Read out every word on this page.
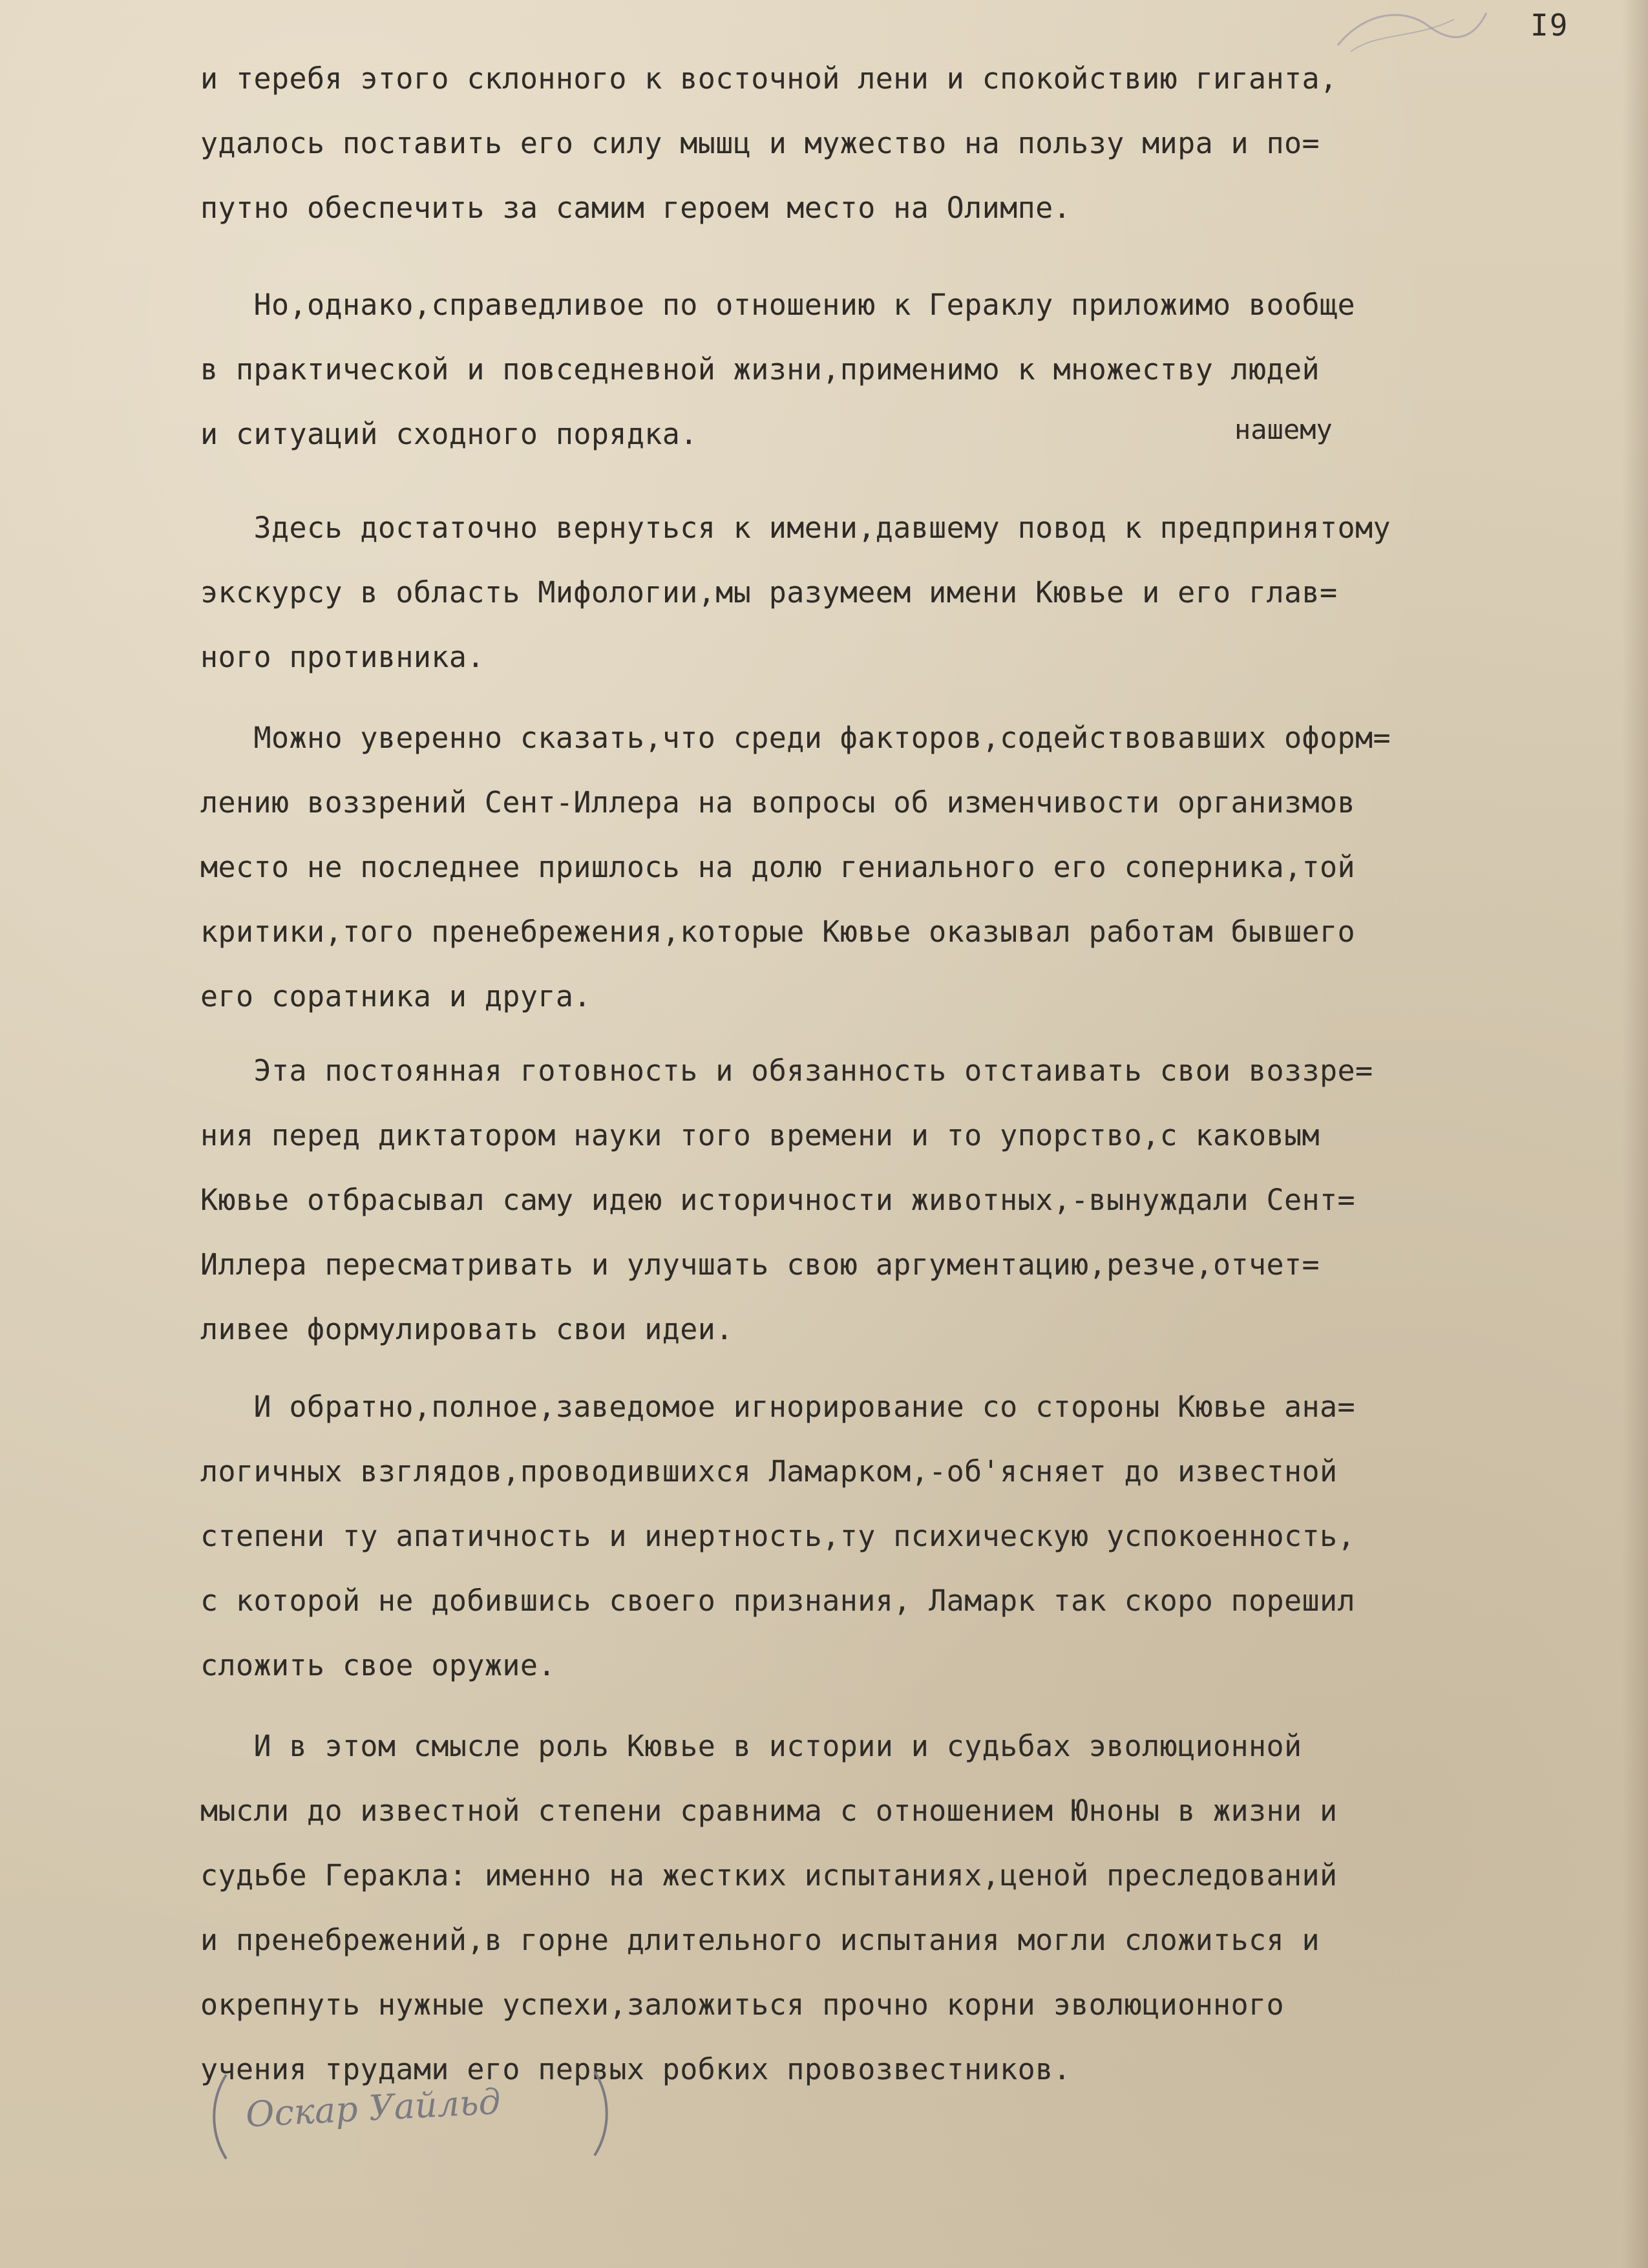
I9
и теребя этого склонного к восточной лени и спокойствию гиганта,
удалось поставить его силу мышц и мужество на пользу мира и по=
путно обеспечить за самим героем место на Олимпе.
Но,однако,справедливое по отношению к Гераклу приложимо вообще
в практической и повседневной жизни,применимо к множеству людей
и ситуаций сходного порядка.
Здесь достаточно вернуться к имени,давшему повод к предпринятому
экскурсу в область Мифологии,мы разумеем имени Кювье и его глав=
ного противника.
Можно уверенно сказать,что среди факторов,содействовавших оформ=
лению воззрений Сент-Иллера на вопросы об изменчивости организмов
место не последнее пришлось на долю гениального его соперника,той
критики,того пренебрежения,которые Кювье оказывал работам бывшего
его соратника и друга.
Эта постоянная готовность и обязанность отстаивать свои воззре=
ния перед диктатором науки того времени и то упорство,с каковым
Кювье отбрасывал саму идею историчности животных,-вынуждали Сент=
Иллера пересматривать и улучшать свою аргументацию,резче,отчет=
ливее формулировать свои идеи.
И обратно,полное,заведомое игнорирование со стороны Кювье ана=
логичных взглядов,проводившихся Ламарком,-об'ясняет до известной
степени ту апатичность и инертность,ту психическую успокоенность,
с которой не добившись своего признания, Ламарк так скоро порешил
сложить свое оружие.
И в этом смысле роль Кювье в истории и судьбах эволюционной
мысли до известной степени сравнима с отношением Юноны в жизни и
судьбе Геракла: именно на жестких испытаниях,ценой преследований
и пренебрежений,в горне длительного испытания могли сложиться и
окрепнуть нужные успехи,заложиться прочно корни эволюционного
учения трудами его первых робких провозвестников.
нашему
Оскар Уайльд
